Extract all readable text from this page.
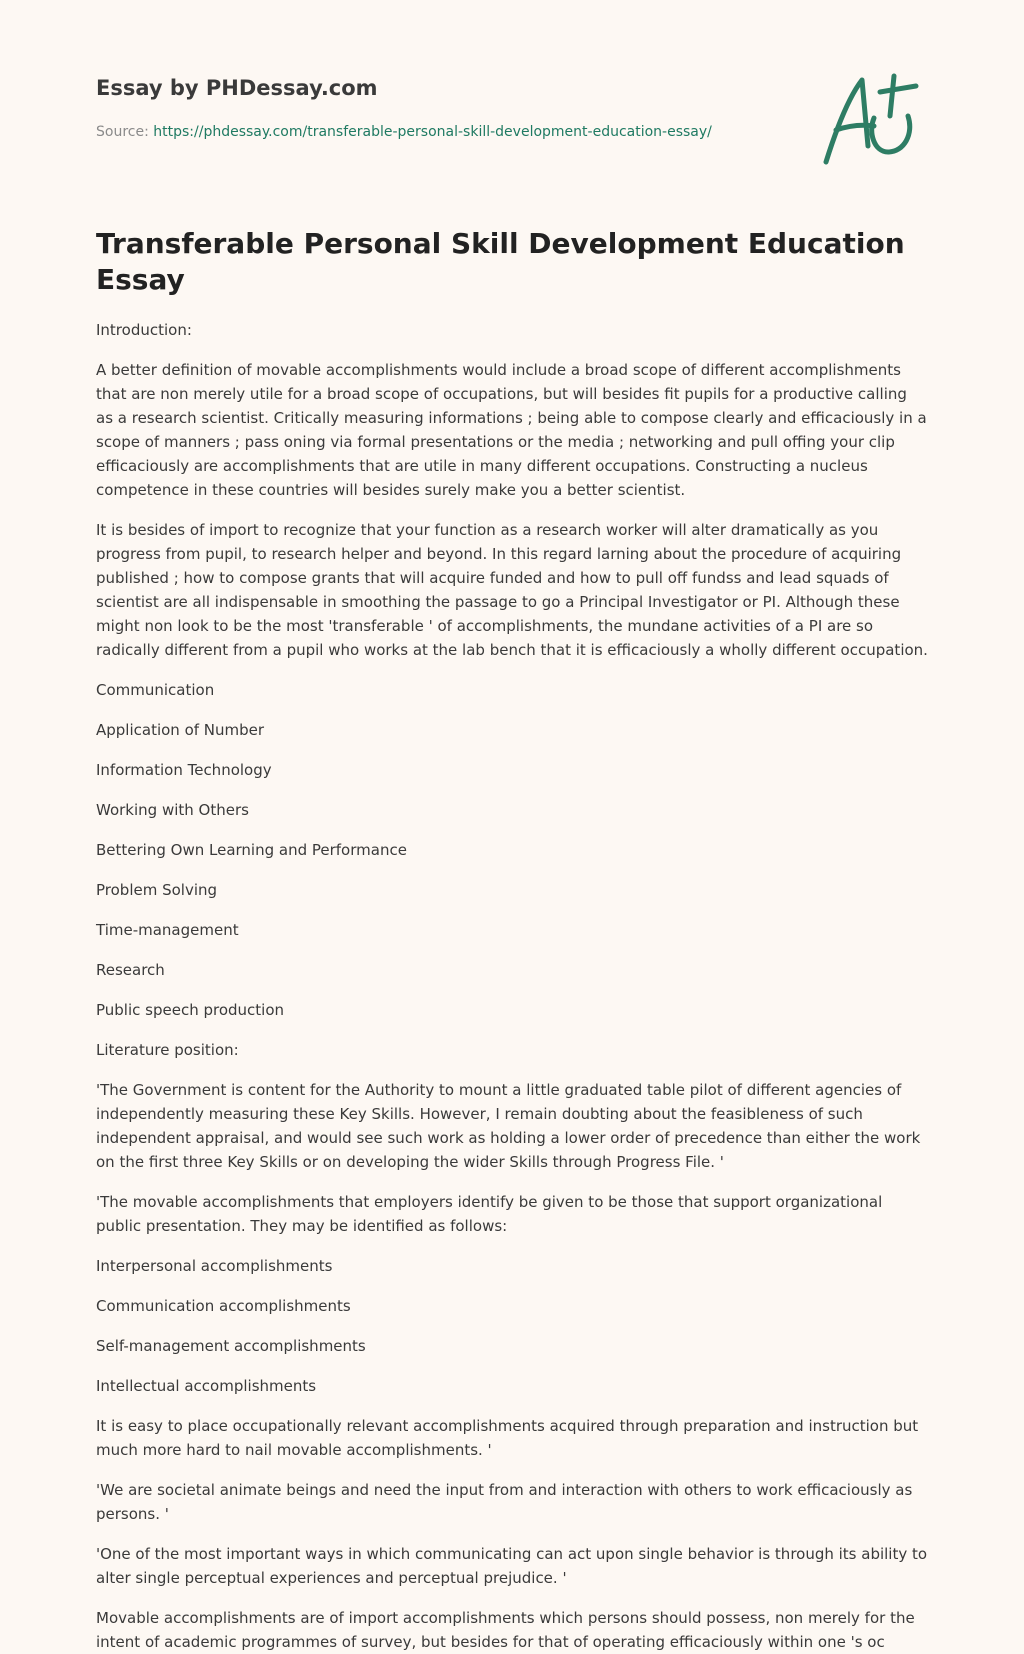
Essay by PHDessay.com
Source: https://phdessay.com/transferable-personal-skill-development-education-essay/
Transferable Personal Skill Development Education Essay

Introduction:

A better definition of movable accomplishments would include a broad scope of different accomplishments that are non merely utile for a broad scope of occupations, but will besides fit pupils for a productive calling as a research scientist. Critically measuring informations ; being able to compose clearly and efficaciously in a scope of manners ; pass oning via formal presentations or the media ; networking and pull offing your clip efficaciously are accomplishments that are utile in many different occupations. Constructing a nucleus competence in these countries will besides surely make you a better scientist.

It is besides of import to recognize that your function as a research worker will alter dramatically as you progress from pupil, to research helper and beyond. In this regard larning about the procedure of acquiring published ; how to compose grants that will acquire funded and how to pull off fundss and lead squads of scientist are all indispensable in smoothing the passage to go a Principal Investigator or PI. Although these might non look to be the most 'transferable ' of accomplishments, the mundane activities of a PI are so radically different from a pupil who works at the lab bench that it is efficaciously a wholly different occupation.

Communication

Application of Number

Information Technology

Working with Others

Bettering Own Learning and Performance

Problem Solving

Time-management

Research

Public speech production

Literature position:

'The Government is content for the Authority to mount a little graduated table pilot of different agencies of independently measuring these Key Skills. However, I remain doubting about the feasibleness of such independent appraisal, and would see such work as holding a lower order of precedence than either the work on the first three Key Skills or on developing the wider Skills through Progress File. '

'The movable accomplishments that employers identify be given to be those that support organizational public presentation. They may be identified as follows:

Interpersonal accomplishments

Communication accomplishments

Self-management accomplishments

Intellectual accomplishments

It is easy to place occupationally relevant accomplishments acquired through preparation and instruction but much more hard to nail movable accomplishments. '

'We are societal animate beings and need the input from and interaction with others to work efficaciously as persons. '

'One of the most important ways in which communicating can act upon single behavior is through its ability to alter single perceptual experiences and perceptual prejudice. '

Movable accomplishments are of import accomplishments which persons should possess, non merely for the intent of academic programmes of survey, but besides for that of operating efficaciously within one 's oc
